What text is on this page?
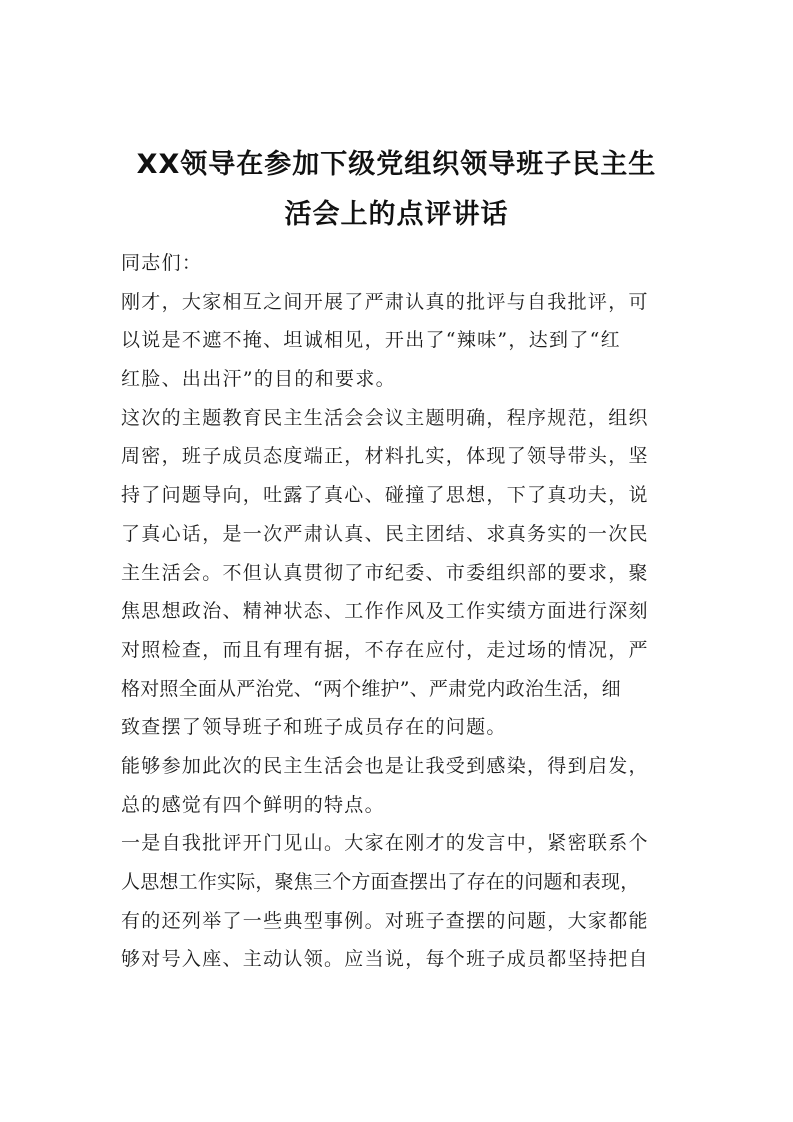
XX领导在参加下级党组织领导班子民主生
活会上的点评讲话
同志们：
刚才，大家相互之间开展了严肃认真的批评与自我批评，可
以说是不遮不掩、坦诚相见，开出了“辣味”，达到了“红
红脸、出出汗”的目的和要求。
这次的主题教育民主生活会会议主题明确，程序规范，组织
周密，班子成员态度端正，材料扎实，体现了领导带头，坚
持了问题导向，吐露了真心、碰撞了思想，下了真功夫，说
了真心话，是一次严肃认真、民主团结、求真务实的一次民
主生活会。不但认真贯彻了市纪委、市委组织部的要求，聚
焦思想政治、精神状态、工作作风及工作实绩方面进行深刻
对照检查，而且有理有据，不存在应付，走过场的情况，严
格对照全面从严治党、“两个维护”、严肃党内政治生活，细
致查摆了领导班子和班子成员存在的问题。
能够参加此次的民主生活会也是让我受到感染，得到启发，
总的感觉有四个鲜明的特点。
一是自我批评开门见山。大家在刚才的发言中，紧密联系个
人思想工作实际，聚焦三个方面查摆出了存在的问题和表现，
有的还列举了一些典型事例。对班子查摆的问题，大家都能
够对号入座、主动认领。应当说，每个班子成员都坚持把自
